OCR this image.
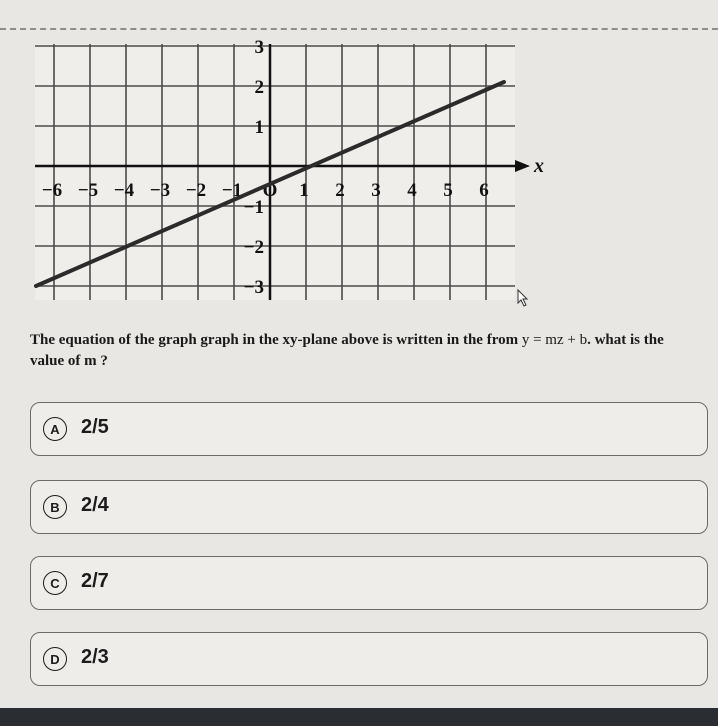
x
−6 −5 −4 −3 −2 −1 O 1 2 3 4 5 6
3
2
1
−1
−2
−3
The equation of the graph graph in the xy-plane above is written in the from y = mz + b. what is the value of m ?
A	2/5
B	2/4
C	2/7
D	2/3
